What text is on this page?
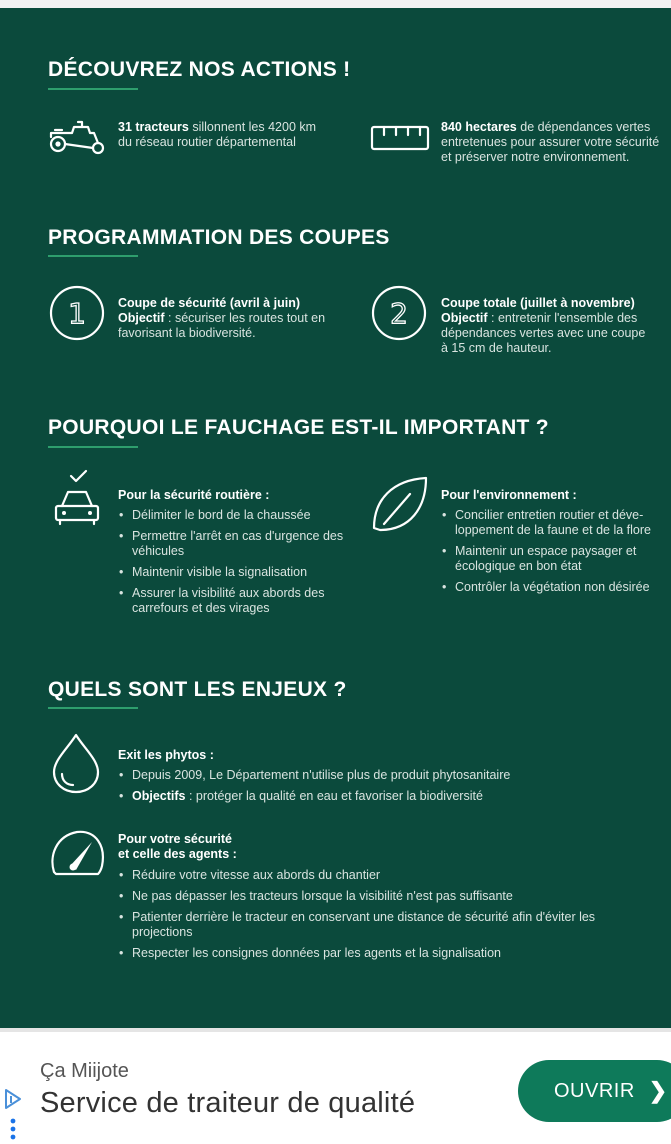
DÉCOUVREZ NOS ACTIONS !
31 tracteurs sillonnent les 4200 km
du réseau routier départemental
840 hectares de dépendances vertes
entretenues pour assurer votre sécurité
et préserver notre environnement.
PROGRAMMATION DES COUPES
1	Coupe de sécurité (avril à juin)
Objectif : sécuriser les routes tout en
favorisant la biodiversité.
2	Coupe totale (juillet à novembre)
Objectif : entretenir l'ensemble des
dépendances vertes avec une coupe
à 15 cm de hauteur.
POURQUOI LE FAUCHAGE EST-IL IMPORTANT ?
Pour la sécurité routière :
• Délimiter le bord de la chaussée
• Permettre l'arrêt en cas d'urgence des véhicules
• Maintenir visible la signalisation
• Assurer la visibilité aux abords des carrefours et des virages
Pour l'environnement :
• Concilier entretien routier et déve-loppement de la faune et de la flore
• Maintenir un espace paysager et écologique en bon état
• Contrôler la végétation non désirée
QUELS SONT LES ENJEUX ?
Exit les phytos :
• Depuis 2009, Le Département n'utilise plus de produit phytosanitaire
• Objectifs : protéger la qualité en eau et favoriser la biodiversité
Pour votre sécurité
et celle des agents :
• Réduire votre vitesse aux abords du chantier
• Ne pas dépasser les tracteurs lorsque la visibilité n'est pas suffisante
• Patienter derrière le tracteur en conservant une distance de sécurité afin d'éviter les projections
• Respecter les consignes données par les agents et la signalisation
Ça Miijote
Service de traiteur de qualité	OUVRIR ❯
